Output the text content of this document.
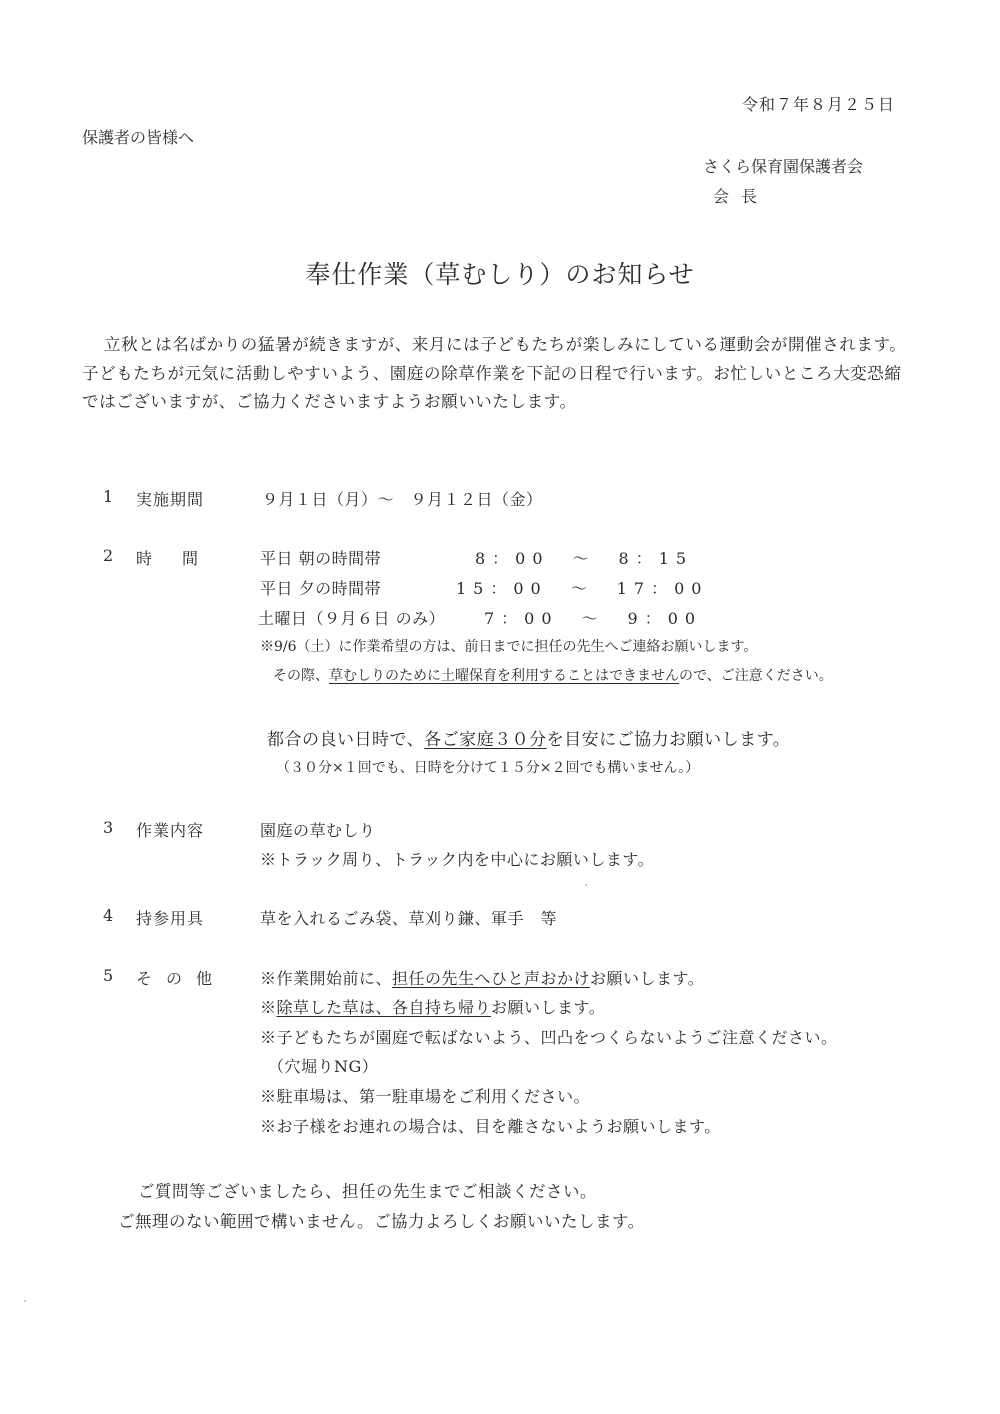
令和７年８月２５日
保護者の皆様へ
さくら保育園保護者会
会長
奉仕作業（草むしり）のお知らせ
立秋とは名ばかりの猛暑が続きますが、来月には子どもたちが楽しみにしている運動会が開催されます。子どもたちが元気に活動しやすいよう、園庭の除草作業を下記の日程で行います。お忙しいところ大変恐縮ではございますが、ご協力くださいますようお願いいたします。
1 実施期間	９月１日（月）～　９月１２日（金）
2 時間 平日 朝の時間帯	8：00　～　8：15
平日 夕の時間帯	15：00　～　17：00
土曜日（９月６日 のみ） 7：00　～　9：00
※9/6（土）に作業希望の方は、前日までに担任の先生へご連絡お願いします。
その際、草むしりのために土曜保育を利用することはできませんので、ご注意ください。
都合の良い日時で、各ご家庭３０分を目安にご協力お願いします。
（３０分×１回でも、日時を分けて１５分×２回でも構いません。）
3 作業内容	園庭の草むしり
※トラック周り、トラック内を中心にお願いします。
4 持参用具	草を入れるごみ袋、草刈り鎌、軍手　等
5 その他 ※作業開始前に、担任の先生へひと声おかけお願いします。
※除草した草は、各自持ち帰りお願いします。
※子どもたちが園庭で転ばないよう、凹凸をつくらないようご注意ください。
（穴堀りNG）
※駐車場は、第一駐車場をご利用ください。
※お子様をお連れの場合は、目を離さないようお願いします。
ご質問等ございましたら、担任の先生までご相談ください。
ご無理のない範囲で構いません。ご協力よろしくお願いいたします。
